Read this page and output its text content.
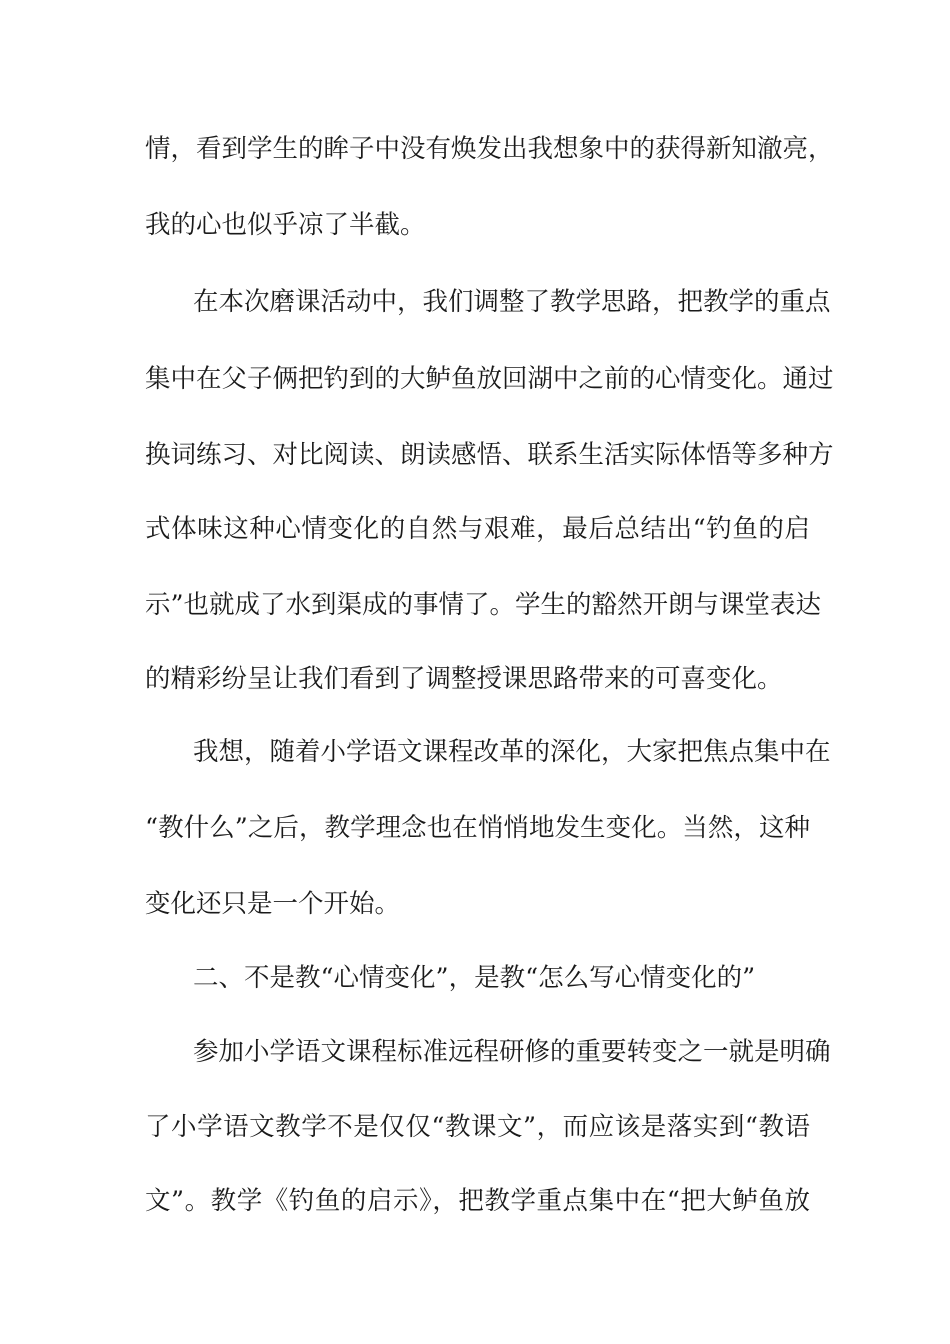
情，看到学生的眸子中没有焕发出我想象中的获得新知澈亮，
我的心也似乎凉了半截。
在本次磨课活动中，我们调整了教学思路，把教学的重点
集中在父子俩把钓到的大鲈鱼放回湖中之前的心情变化。通过
换词练习、对比阅读、朗读感悟、联系生活实际体悟等多种方
式体味这种心情变化的自然与艰难，最后总结出“钓鱼的启
示”也就成了水到渠成的事情了。学生的豁然开朗与课堂表达
的精彩纷呈让我们看到了调整授课思路带来的可喜变化。
我想，随着小学语文课程改革的深化，大家把焦点集中在
“教什么”之后，教学理念也在悄悄地发生变化。当然，这种
变化还只是一个开始。
二、不是教“心情变化”，是教“怎么写心情变化的”
参加小学语文课程标准远程研修的重要转变之一就是明确
了小学语文教学不是仅仅“教课文”，而应该是落实到“教语
文”。教学《钓鱼的启示》，把教学重点集中在“把大鲈鱼放
